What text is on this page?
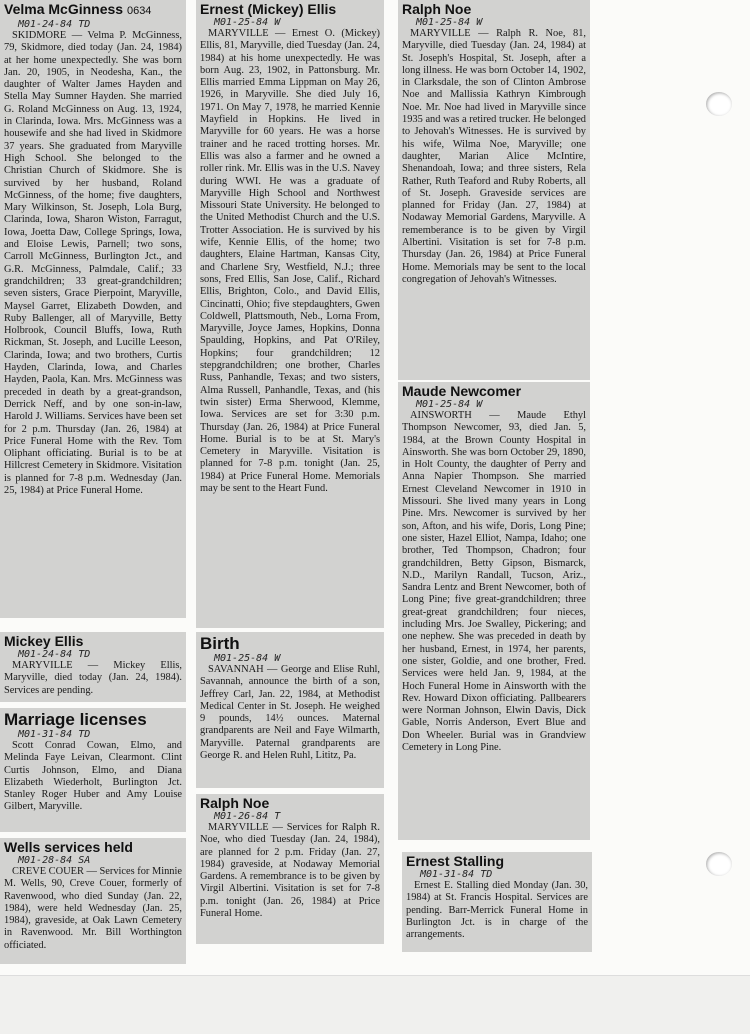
Velma McGinness 0634
M01-24-84 TD

SKIDMORE — Velma P. McGinness, 79, Skidmore, died today (Jan. 24, 1984) at her home unexpectedly. She was born Jan. 20, 1905, in Neodesha, Kan., the daughter of Walter James Hayden and Stella May Sumner Hayden. She married G. Roland McGinness on Aug. 13, 1924, in Clarinda, Iowa. Mrs. McGinness was a housewife and she had lived in Skidmore 37 years. She graduated from Maryville High School. She belonged to the Christian Church of Skidmore. She is survived by her husband, Roland McGinness, of the home; five daughters, Mary Wilkinson, St. Joseph, Lola Burg, Clarinda, Iowa, Sharon Wiston, Farragut, Iowa, Joetta Daw, College Springs, Iowa, and Eloise Lewis, Parnell; two sons, Carroll McGinness, Burlington Jct., and G.R. McGinness, Palmdale, Calif.; 33 grandchildren; 33 great-grandchildren; seven sisters, Grace Pierpoint, Maryville, Maysel Garret, Elizabeth Dowden, and Ruby Ballenger, all of Maryville, Betty Holbrook, Council Bluffs, Iowa, Ruth Rickman, St. Joseph, and Lucille Leeson, Clarinda, Iowa; and two brothers, Curtis Hayden, Clarinda, Iowa, and Charles Hayden, Paola, Kan. Mrs. McGinness was preceded in death by a great-grandson, Derrick Neff, and by one son-in-law, Harold J. Williams. Services have been set for 2 p.m. Thursday (Jan. 26, 1984) at Price Funeral Home with the Rev. Tom Oliphant officiating. Burial is to be at Hillcrest Cemetery in Skidmore. Visitation is planned for 7-8 p.m. Wednesday (Jan. 25, 1984) at Price Funeral Home.

Mickey Ellis
M01-24-84 TD

MARYVILLE — Mickey Ellis, Maryville, died today (Jan. 24, 1984). Services are pending.

Marriage licenses
M01-31-84 TD

Scott Conrad Cowan, Elmo, and Melinda Faye Leivan, Clearmont. Clint Curtis Johnson, Elmo, and Diana Elizabeth Wiederholt, Burlington Jct. Stanley Roger Huber and Amy Louise Gilbert, Maryville.

Wells services held
M01-28-84 SA

CREVE COUER — Services for Minnie M. Wells, 90, Creve Couer, formerly of Ravenwood, who died Sunday (Jan. 22, 1984), were held Wednesday (Jan. 25, 1984), graveside, at Oak Lawn Cemetery in Ravenwood. Mr. Bill Worthington officiated.

Ernest (Mickey) Ellis
M01-25-84 W

MARYVILLE — Ernest O. (Mickey) Ellis, 81, Maryville, died Tuesday (Jan. 24, 1984) at his home unexpectedly. He was born Aug. 23, 1902, in Pattonsburg. Mr. Ellis married Emma Lippman on May 26, 1926, in Maryville. She died July 16, 1971. On May 7, 1978, he married Kennie Mayfield in Hopkins. He lived in Maryville for 60 years. He was a horse trainer and he raced trotting horses. Mr. Ellis was also a farmer and he owned a roller rink. Mr. Ellis was in the U.S. Navey during WWI. He was a graduate of Maryville High School and Northwest Missouri State University. He belonged to the United Methodist Church and the U.S. Trotter Association. He is survived by his wife, Kennie Ellis, of the home; two daughters, Elaine Hartman, Kansas City, and Charlene Sry, Westfield, N.J.; three sons, Fred Ellis, San Jose, Calif., Richard Ellis, Brighton, Colo., and David Ellis, Cincinatti, Ohio; five stepdaughters, Gwen Coldwell, Plattsmouth, Neb., Lorna From, Maryville, Joyce James, Hopkins, Donna Spaulding, Hopkins, and Pat O'Riley, Hopkins; four grandchildren; 12 stepgrandchildren; one brother, Charles Russ, Panhandle, Texas; and two sisters, Alma Russell, Panhandle, Texas, and (his twin sister) Erma Sherwood, Klemme, Iowa. Services are set for 3:30 p.m. Thursday (Jan. 26, 1984) at Price Funeral Home. Burial is to be at St. Mary's Cemetery in Maryville. Visitation is planned for 7-8 p.m. tonight (Jan. 25, 1984) at Price Funeral Home. Memorials may be sent to the Heart Fund.

Birth
M01-25-84 W

SAVANNAH — George and Elise Ruhl, Savannah, announce the birth of a son, Jeffrey Carl, Jan. 22, 1984, at Methodist Medical Center in St. Joseph. He weighed 9 pounds, 14½ ounces. Maternal grandparents are Neil and Faye Wilmarth, Maryville. Paternal grandparents are George R. and Helen Ruhl, Lititz, Pa.

Ralph Noe
M01-26-84 T

MARYVILLE — Services for Ralph R. Noe, who died Tuesday (Jan. 24, 1984), are planned for 2 p.m. Friday (Jan. 27, 1984) graveside, at Nodaway Memorial Gardens. A remembrance is to be given by Virgil Albertini. Visitation is set for 7-8 p.m. tonight (Jan. 26, 1984) at Price Funeral Home.

Ralph Noe
M01-25-84 W

MARYVILLE — Ralph R. Noe, 81, Maryville, died Tuesday (Jan. 24, 1984) at St. Joseph's Hospital, St. Joseph, after a long illness. He was born October 14, 1902, in Clarksdale, the son of Clinton Ambrose Noe and Mallissia Kathryn Kimbrough Noe. Mr. Noe had lived in Maryville since 1935 and was a retired trucker. He belonged to Jehovah's Witnesses. He is survived by his wife, Wilma Noe, Maryville; one daughter, Marian Alice McIntire, Shenandoah, Iowa; and three sisters, Rela Rather, Ruth Teaford and Ruby Roberts, all of St. Joseph. Graveside services are planned for Friday (Jan. 27, 1984) at Nodaway Memorial Gardens, Maryville. A rememberance is to be given by Virgil Albertini. Visitation is set for 7-8 p.m. Thursday (Jan. 26, 1984) at Price Funeral Home. Memorials may be sent to the local congregation of Jehovah's Witnesses.

Maude Newcomer
M01-25-84 W

AINSWORTH — Maude Ethyl Thompson Newcomer, 93, died Jan. 5, 1984, at the Brown County Hospital in Ainsworth. She was born October 29, 1890, in Holt County, the daughter of Perry and Anna Napier Thompson. She married Ernest Cleveland Newcomer in 1910 in Missouri. She lived many years in Long Pine. Mrs. Newcomer is survived by her son, Afton, and his wife, Doris, Long Pine; one sister, Hazel Elliot, Nampa, Idaho; one brother, Ted Thompson, Chadron; four grandchildren, Betty Gipson, Bismarck, N.D., Marilyn Randall, Tucson, Ariz., Sandra Lentz and Brent Newcomer, both of Long Pine; five great-grandchildren; three great-great grandchildren; four nieces, including Mrs. Joe Swalley, Pickering; and one nephew. She was preceded in death by her husband, Ernest, in 1974, her parents, one sister, Goldie, and one brother, Fred. Services were held Jan. 9, 1984, at the Hoch Funeral Home in Ainsworth with the Rev. Howard Dixon officiating. Pallbearers were Norman Johnson, Elwin Davis, Dick Gable, Norris Anderson, Evert Blue and Don Wheeler. Burial was in Grandview Cemetery in Long Pine.

Ernest Stalling
M01-31-84 TD

Ernest E. Stalling died Monday (Jan. 30, 1984) at St. Francis Hospital. Services are pending. Barr-Merrick Funeral Home in Burlington Jct. is in charge of the arrangements.
